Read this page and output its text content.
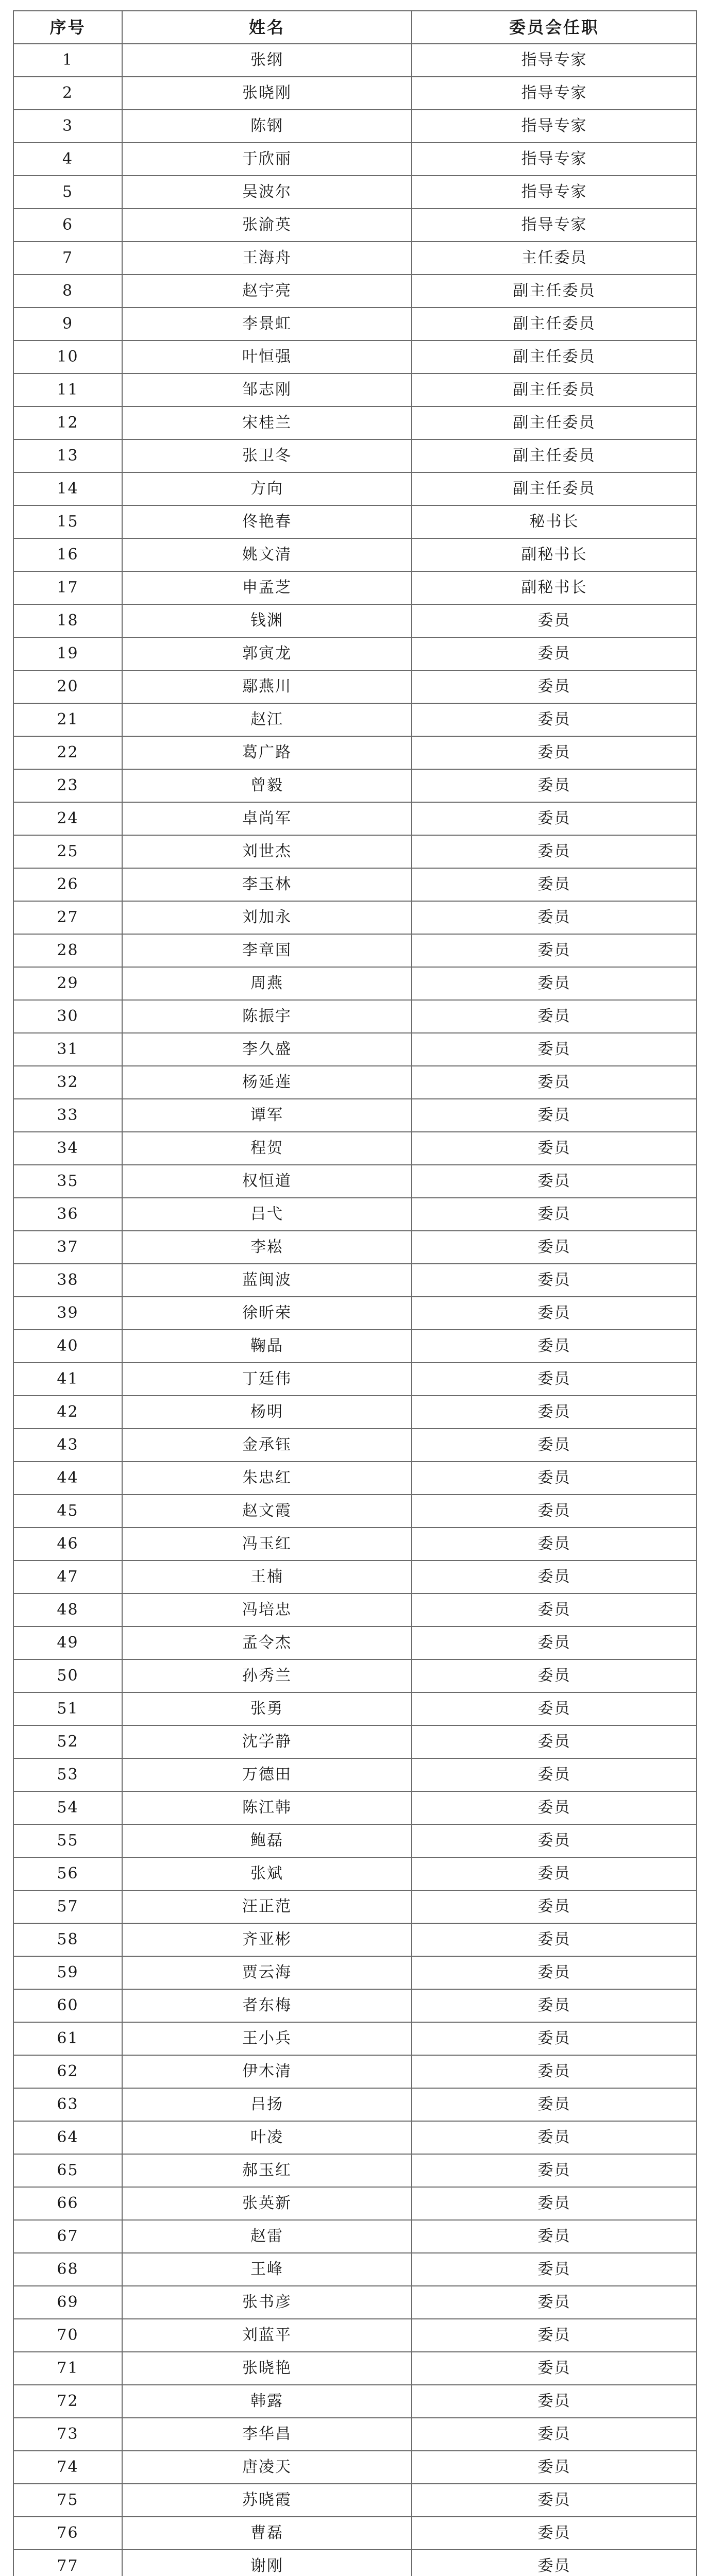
序号	姓名	委员会任职
1	张纲	指导专家
2	张晓刚	指导专家
3	陈钢	指导专家
4	于欣丽	指导专家
5	吴波尔	指导专家
6	张渝英	指导专家
7	王海舟	主任委员
8	赵宇亮	副主任委员
9	李景虹	副主任委员
10	叶恒强	副主任委员
11	邹志刚	副主任委员
12	宋桂兰	副主任委员
13	张卫冬	副主任委员
14	方向	副主任委员
15	佟艳春	秘书长
16	姚文清	副秘书长
17	申孟芝	副秘书长
18	钱渊	委员
19	郭寅龙	委员
20	鄢燕川	委员
21	赵江	委员
22	葛广路	委员
23	曾毅	委员
24	卓尚军	委员
25	刘世杰	委员
26	李玉林	委员
27	刘加永	委员
28	李章国	委员
29	周燕	委员
30	陈振宇	委员
31	李久盛	委员
32	杨延莲	委员
33	谭军	委员
34	程贺	委员
35	权恒道	委员
36	吕弋	委员
37	李崧	委员
38	蓝闽波	委员
39	徐昕荣	委员
40	鞠晶	委员
41	丁廷伟	委员
42	杨明	委员
43	金承钰	委员
44	朱忠红	委员
45	赵文霞	委员
46	冯玉红	委员
47	王楠	委员
48	冯培忠	委员
49	孟令杰	委员
50	孙秀兰	委员
51	张勇	委员
52	沈学静	委员
53	万德田	委员
54	陈江韩	委员
55	鲍磊	委员
56	张斌	委员
57	汪正范	委员
58	齐亚彬	委员
59	贾云海	委员
60	者东梅	委员
61	王小兵	委员
62	伊木清	委员
63	吕扬	委员
64	叶凌	委员
65	郝玉红	委员
66	张英新	委员
67	赵雷	委员
68	王峰	委员
69	张书彦	委员
70	刘蓝平	委员
71	张晓艳	委员
72	韩露	委员
73	李华昌	委员
74	唐凌天	委员
75	苏晓霞	委员
76	曹磊	委员
77	谢刚	委员
